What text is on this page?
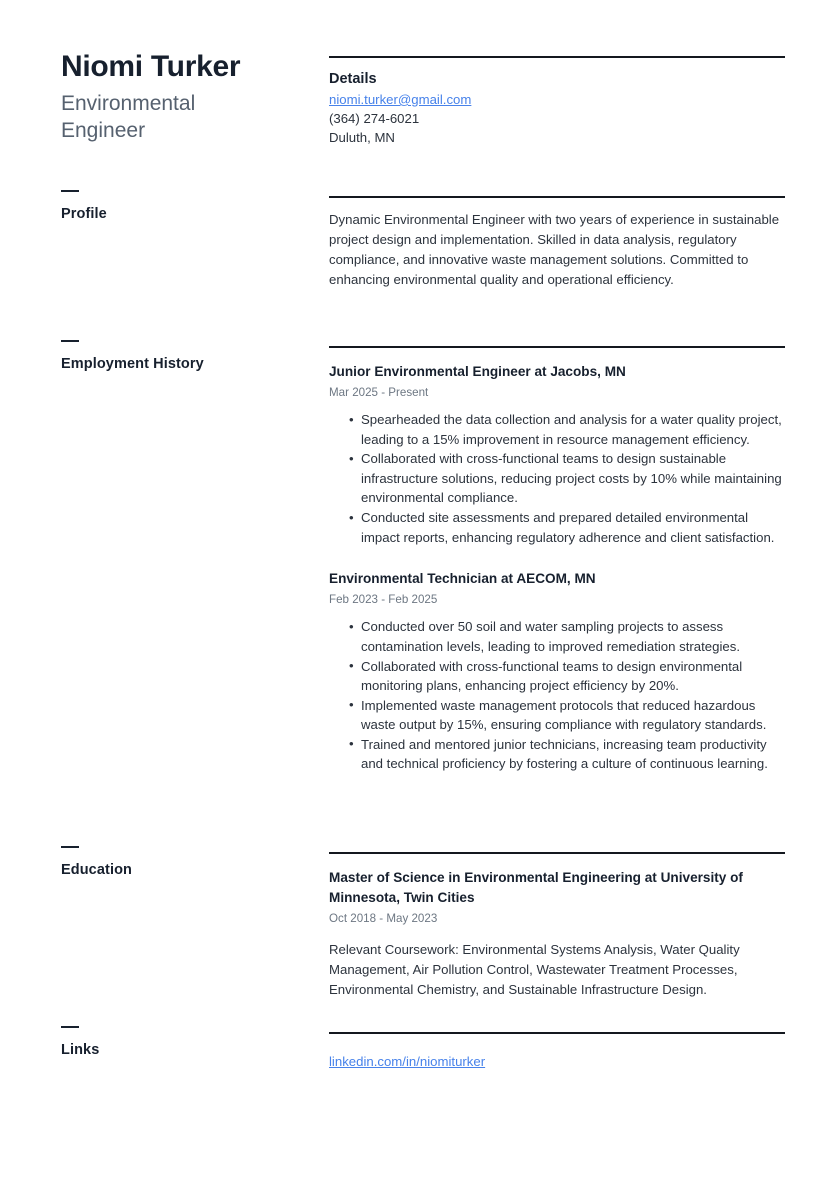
Niomi Turker
Environmental Engineer
Profile
Employment History
Education
Links
Details
niomi.turker@gmail.com
(364) 274-6021
Duluth, MN

Dynamic Environmental Engineer with two years of experience in sustainable project design and implementation. Skilled in data analysis, regulatory compliance, and innovative waste management solutions. Committed to enhancing environmental quality and operational efficiency.

Junior Environmental Engineer at Jacobs, MN
Mar 2025 - Present
• Spearheaded the data collection and analysis for a water quality project, leading to a 15% improvement in resource management efficiency.
• Collaborated with cross-functional teams to design sustainable infrastructure solutions, reducing project costs by 10% while maintaining environmental compliance.
• Conducted site assessments and prepared detailed environmental impact reports, enhancing regulatory adherence and client satisfaction.
Environmental Technician at AECOM, MN
Feb 2023 - Feb 2025
• Conducted over 50 soil and water sampling projects to assess contamination levels, leading to improved remediation strategies.
• Collaborated with cross-functional teams to design environmental monitoring plans, enhancing project efficiency by 20%.
• Implemented waste management protocols that reduced hazardous waste output by 15%, ensuring compliance with regulatory standards.
• Trained and mentored junior technicians, increasing team productivity and technical proficiency by fostering a culture of continuous learning.
Master of Science in Environmental Engineering at University of Minnesota, Twin Cities
Oct 2018 - May 2023

Relevant Coursework: Environmental Systems Analysis, Water Quality Management, Air Pollution Control, Wastewater Treatment Processes, Environmental Chemistry, and Sustainable Infrastructure Design.

linkedin.com/in/niomiturker
